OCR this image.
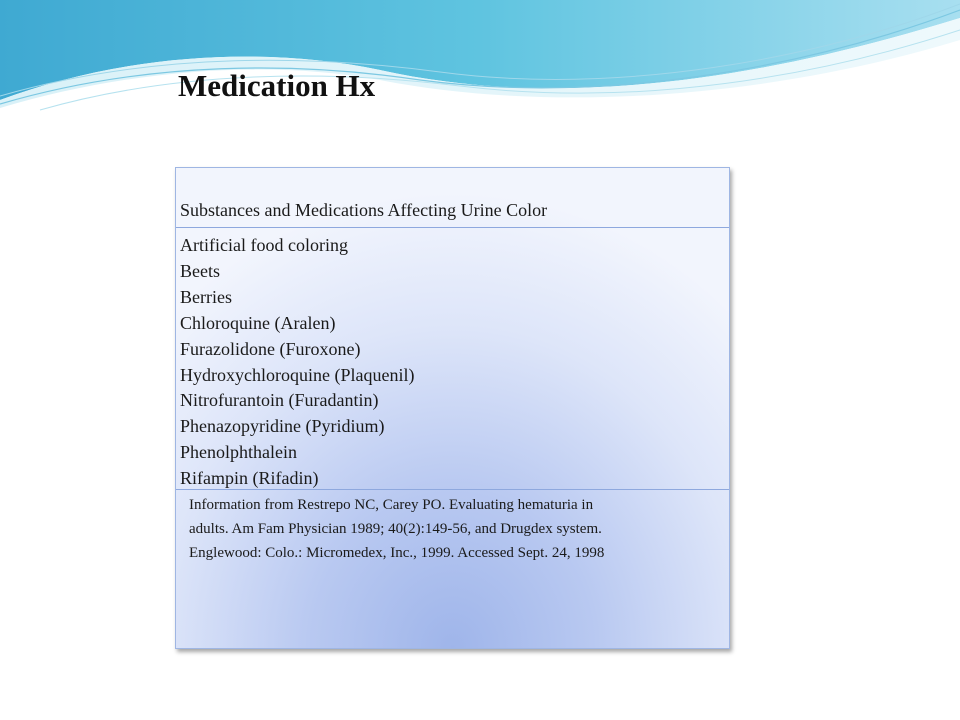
Medication Hx
Substances and Medications Affecting Urine Color
Artificial food coloring
Beets
Berries
Chloroquine (Aralen)
Furazolidone (Furoxone)
Hydroxychloroquine (Plaquenil)
Nitrofurantoin (Furadantin)
Phenazopyridine (Pyridium)
Phenolphthalein
Rifampin (Rifadin)
Information from Restrepo NC, Carey PO. Evaluating hematuria in
adults. Am Fam Physician 1989; 40(2):149-56, and Drugdex system.
Englewood: Colo.: Micromedex, Inc., 1999. Accessed Sept. 24, 1998
